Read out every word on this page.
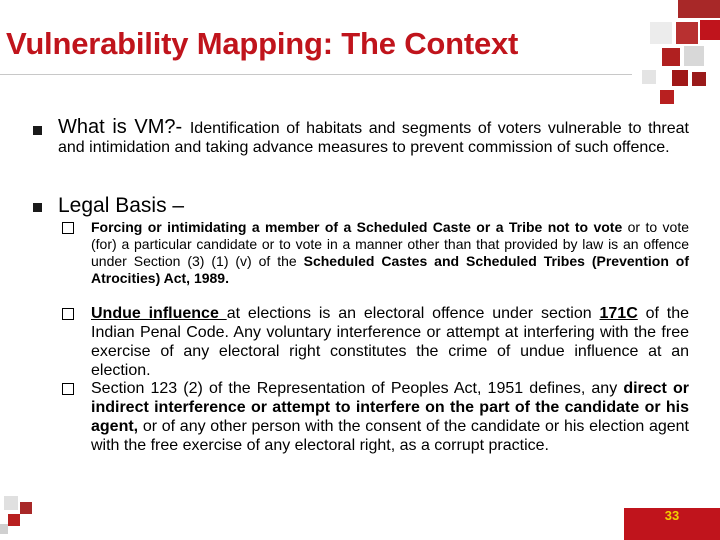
Vulnerability Mapping: The Context

What is VM?- Identification of habitats and segments of voters vulnerable to threat and intimidation and taking advance measures to prevent commission of such offence.

Legal Basis –

Forcing or intimidating a member of a Scheduled Caste or a Tribe not to vote or to vote (for) a particular candidate or to vote in a manner other than that provided by law is an offence under Section (3) (1) (v) of the Scheduled Castes and Scheduled Tribes (Prevention of Atrocities) Act, 1989.

Undue influence at elections is an electoral offence under section 171C of the Indian Penal Code. Any voluntary interference or attempt at interfering with the free exercise of any electoral right constitutes the crime of undue influence at an election.

Section 123 (2) of the Representation of Peoples Act, 1951 defines, any direct or indirect interference or attempt to interfere on the part of the candidate or his agent, or of any other person with the consent of the candidate or his election agent with the free exercise of any electoral right, as a corrupt practice.

33
